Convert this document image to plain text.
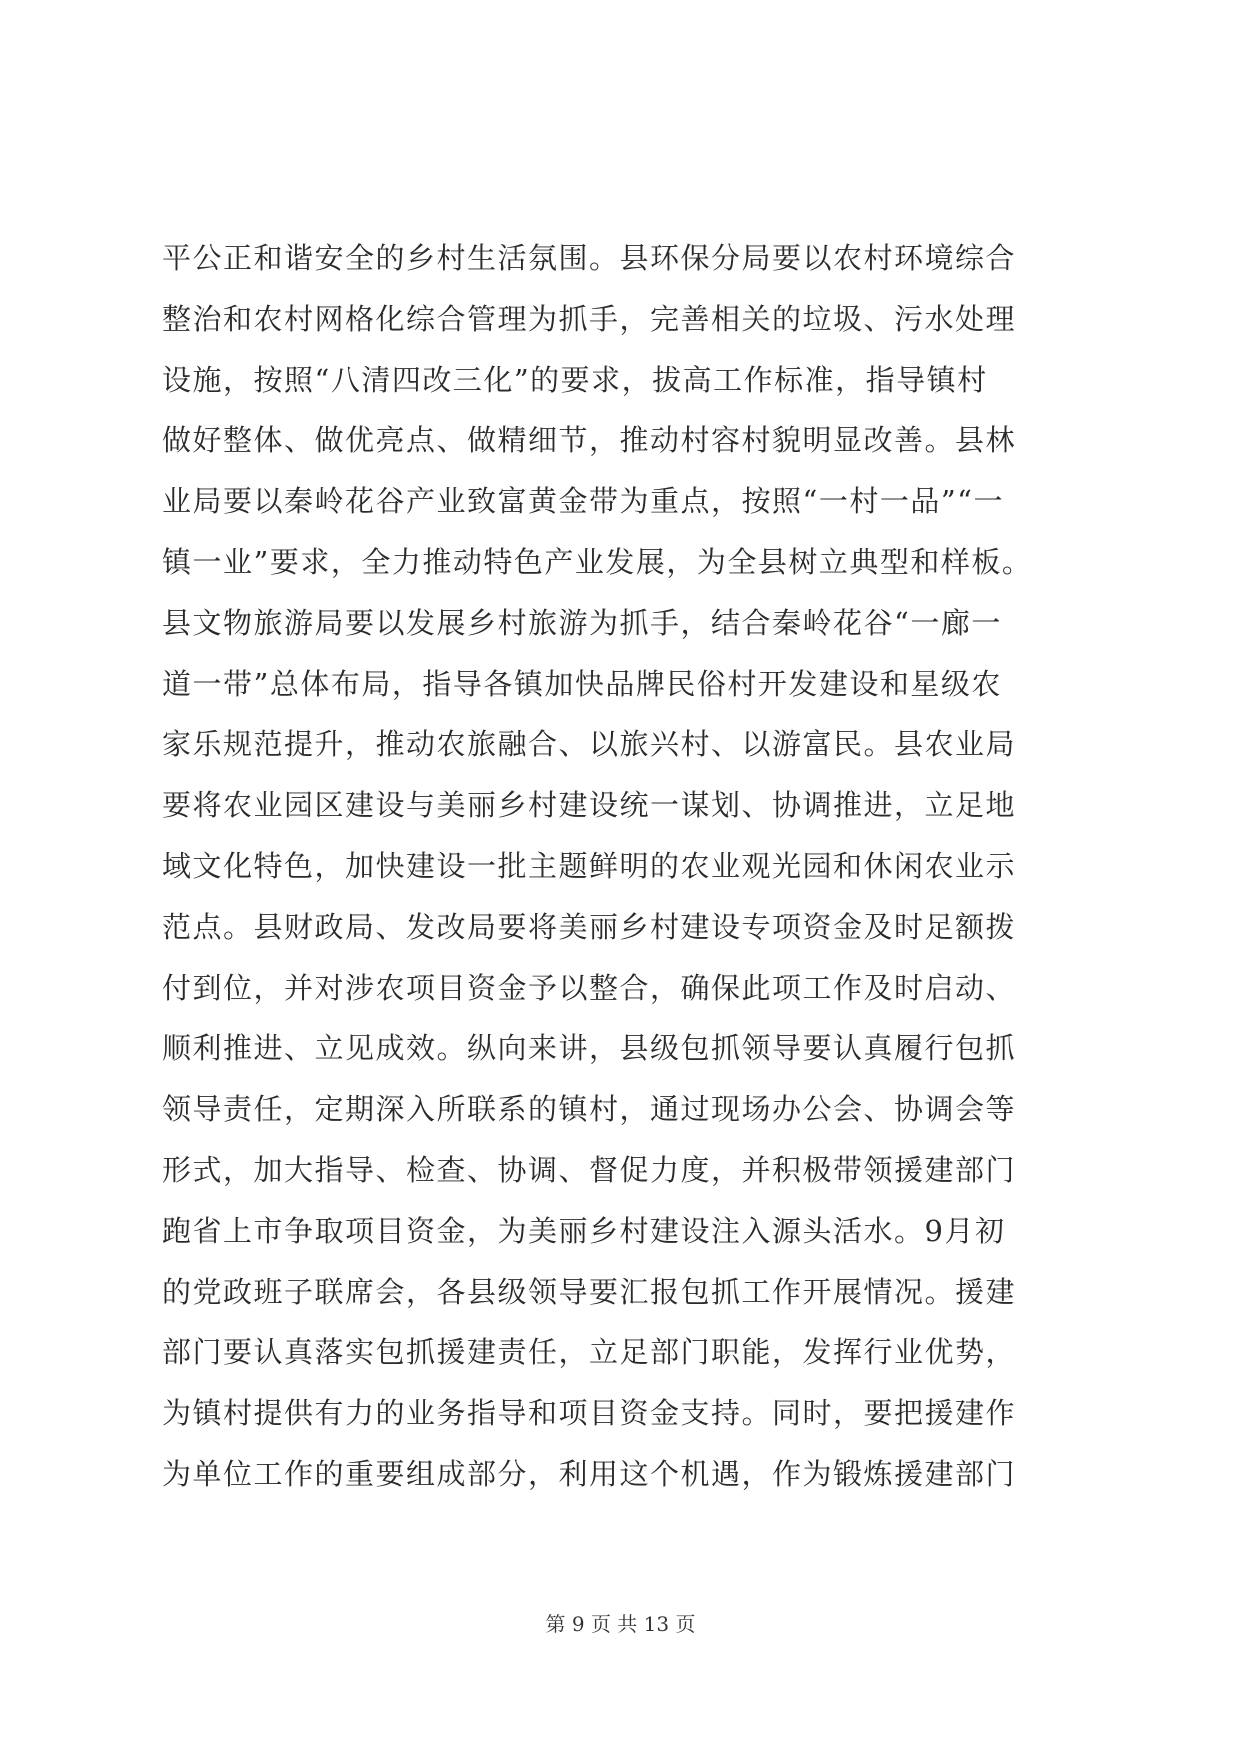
平公正和谐安全的乡村生活氛围。县环保分局要以农村环境综合
整治和农村网格化综合管理为抓手，完善相关的垃圾、污水处理
设施，按照“八清四改三化”的要求，拔高工作标准，指导镇村
做好整体、做优亮点、做精细节，推动村容村貌明显改善。县林
业局要以秦岭花谷产业致富黄金带为重点，按照“一村一品”“一
镇一业”要求，全力推动特色产业发展，为全县树立典型和样板。
县文物旅游局要以发展乡村旅游为抓手，结合秦岭花谷“一廊一
道一带”总体布局，指导各镇加快品牌民俗村开发建设和星级农
家乐规范提升，推动农旅融合、以旅兴村、以游富民。县农业局
要将农业园区建设与美丽乡村建设统一谋划、协调推进，立足地
域文化特色，加快建设一批主题鲜明的农业观光园和休闲农业示
范点。县财政局、发改局要将美丽乡村建设专项资金及时足额拨
付到位，并对涉农项目资金予以整合，确保此项工作及时启动、
顺利推进、立见成效。纵向来讲，县级包抓领导要认真履行包抓
领导责任，定期深入所联系的镇村，通过现场办公会、协调会等
形式，加大指导、检查、协调、督促力度，并积极带领援建部门
跑省上市争取项目资金，为美丽乡村建设注入源头活水。9月初
的党政班子联席会，各县级领导要汇报包抓工作开展情况。援建
部门要认真落实包抓援建责任，立足部门职能，发挥行业优势，
为镇村提供有力的业务指导和项目资金支持。同时，要把援建作
为单位工作的重要组成部分，利用这个机遇，作为锻炼援建部门
第 9 页 共 13 页
